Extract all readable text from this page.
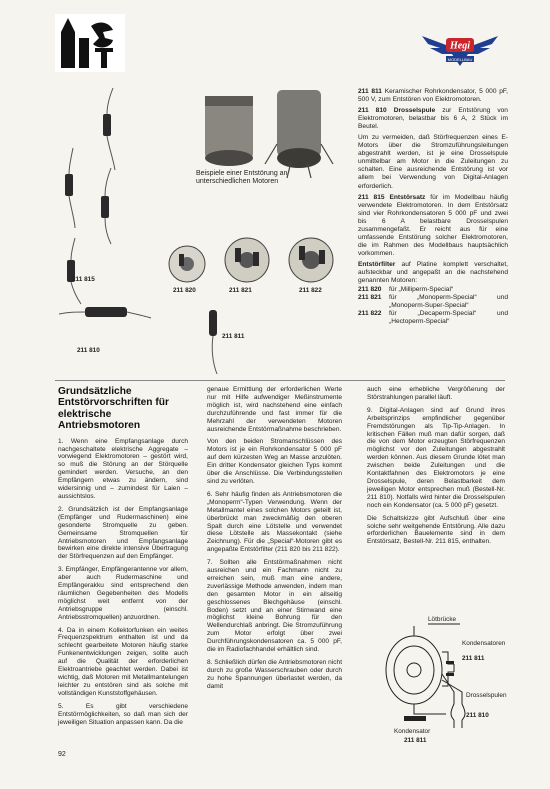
Hegi
MODELLBAU
211 815
211 810
211 820	211 821	211 822
211 811
Beispiele einer Entstörung an unterschiedlichen Motoren

211 811 Keramischer Rohrkondensator, 5 000 pF, 500 V, zum Entstören von Elektromotoren.

211 810 Drosselspule zur Entstörung von Elektromotoren, belastbar bis 6 A, 2 Stück im Beutel.

Um zu vermeiden, daß Störfrequenzen eines E-Motors über die Stromzuführungsleitungen abgestrahlt werden, ist je eine Drosselspule unmittelbar am Motor in die Zuleitungen zu schalten. Eine ausreichende Entstörung ist vor allem bei Verwendung von Digital-Anlagen erforderlich.

211 815 Entstörsatz für im Modellbau häufig verwendete Elektromotoren. In dem Entstörsatz sind vier Rohrkondensatoren 5 000 pF und zwei bis 6 A belastbare Drosselspulen zusammengefaßt. Er reicht aus für eine umfassende Entstörung solcher Elektromotoren, die im Rahmen des Modellbaus hauptsächlich vorkommen.

Entstörfilter auf Platine komplett verschaltet, aufsteckbar und angepaßt an die nachstehend genannten Motoren:

211 820	für „Milliperm-Special“
211 821	für „Monoperm-Special“ und „Monoperm-Super-Special“
211 822	für „Decaperm-Special“ und „Hectoperm-Special“
Grundsätzliche Entstörvorschriften für elektrische Antriebsmotoren

1. Wenn eine Empfangsanlage durch nachgeschaltete elektrische Aggregate – vorwiegend Elektromotoren – gestört wird, so muß die Störung an der Störquelle gemindert werden. Versuche, an den Empfängern etwas zu ändern, sind widersinnig und – zumindest für Laien – aussichtslos.

2. Grundsätzlich ist der Empfangsanlage (Empfänger und Rudermaschinen) eine gesonderte Stromquelle zu geben. Gemeinsame Stromquellen für Antriebsmotoren und Empfangsanlage bewirken eine direkte intensive Übertragung der Störfrequenzen auf den Empfänger.

3. Empfänger, Empfängerantenne vor allem, aber auch Rudermaschine und Empfängerakku sind entsprechend den räumlichen Gegebenheiten des Modells möglichst weit entfernt von der Antriebsgruppe (einschl. Antriebsstromquellen) anzuordnen.

4. Da in einem Kollektorfunken ein weites Frequenzspektrum enthalten ist und da schlecht gearbeitete Motoren häufig starke Funkenentwicklungen zeigen, sollte auch auf die Qualität der erforderlichen Elektroantriebe geachtet werden. Dabei ist wichtig, daß Motoren mit Metallmantelungen leichter zu entstören sind als solche mit vollständigen Kunststoffgehäusen.

5. Es gibt verschiedene Entstörmöglichkeiten, so daß man sich der jeweiligen Situation anpassen kann. Da die

genaue Ermittlung der erforderlichen Werte nur mit Hilfe aufwendiger Meßinstrumente möglich ist, wird nachstehend eine einfach durchzuführende und fast immer für die Mehrzahl der verwendeten Motoren ausreichende Entstörmaßnahme beschrieben.

Von den beiden Stromanschlüssen des Motors ist je ein Rohrkondensator 5 000 pF auf dem kürzesten Weg an Masse anzulöten. Ein dritter Kondensator gleichen Typs kommt über die Anschlüsse. Die Verbindungsstellen sind zu verlöten.

6. Sehr häufig finden als Antriebsmotoren die „Monoperm“-Typen Verwendung. Wenn der Metallmantel eines solchen Motors geteilt ist, überbrückt man zweckmäßig den oberen Spalt durch eine Lötstelle und verwendet diese Lötstelle als Massekontakt (siehe Zeichnung). Für die „Special“-Motoren gibt es angepaßte Entstörfilter (211 820 bis 211 822).

7. Sollten alle Entstörmaßnahmen nicht ausreichen und ein Fachmann nicht zu erreichen sein, muß man eine andere, zuverlässige Methode anwenden, indem man den gesamten Motor in ein allseitig geschlossenes Blechgehäuse (einschl. Boden) setzt und an einer Stirnwand eine möglichst kleine Bohrung für den Wellendurchlaß anbringt. Die Stromzuführung zum Motor erfolgt über zwei Durchführungskondensatoren ca. 5 000 pF, die im Radiofachhandel erhältlich sind.

8. Schließlich dürfen die Antriebsmotoren nicht durch zu große Wasserschrauben oder durch zu hohe Spannungen überlastet werden, da damit

auch eine erhebliche Vergrößerung der Störstrahlungen parallel läuft.

9. Digital-Anlagen sind auf Grund ihres Arbeitsprinzips empfindlicher gegenüber Fremdstörungen als Tip-Tip-Anlagen. In kritischen Fällen muß man dafür sorgen, daß die von dem Motor erzeugten Störfrequenzen möglichst vor den Zuleitungen abgestrahlt werden können. Aus diesem Grunde lötet man zwischen beide Zuleitungen und die Kontaktfahnen des Elektromotors je eine Drosselspule, deren Belastbarkeit dem jeweiligen Motor entsprechen muß (Bestell-Nr. 211 810). Notfalls wird hinter die Drosselspulen noch ein Kondensator (ca. 5 000 pF) gesetzt.

Die Schaltskizze gibt Aufschluß über eine solche sehr weitgehende Entstörung. Alle dazu erforderlichen Bauelemente sind in dem Entstörsatz, Bestell-Nr. 211 815, enthalten.

Lötbrücke
Kondensatoren
211 811
Drosselspulen
211 810
Kondensator
211 811
92
